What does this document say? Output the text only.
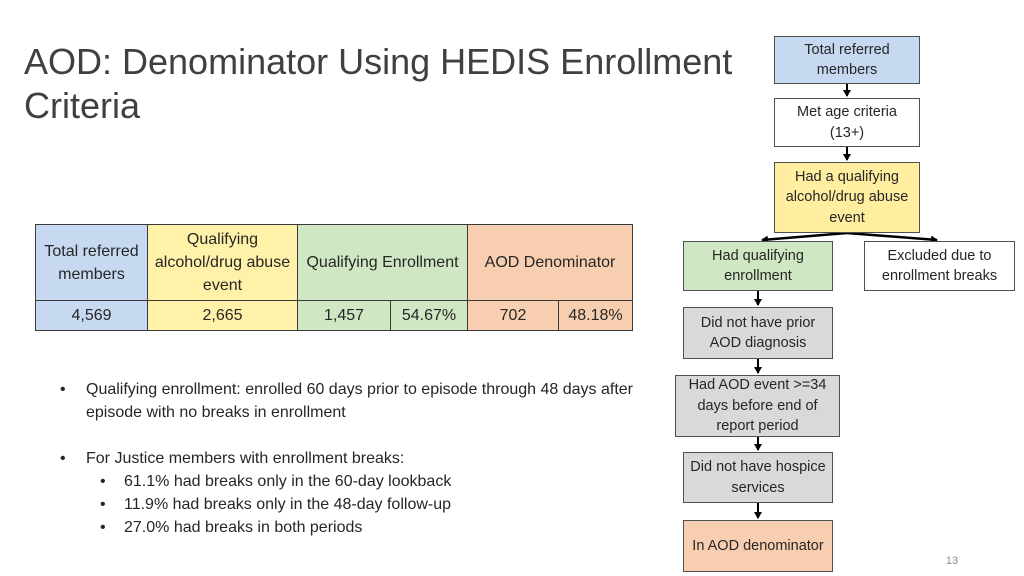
AOD: Denominator Using HEDIS Enrollment Criteria
Total referred members	Qualifying alcohol/drug abuse event	Qualifying Enrollment		AOD Denominator	
4,569	2,665	1,457	54.67%	702	48.18%
• Qualifying enrollment: enrolled 60 days prior to episode through 48 days after episode with no breaks in enrollment
• For Justice members with enrollment breaks:
• 61.1% had breaks only in the 60-day lookback
• 11.9% had breaks only in the 48-day follow-up
• 27.0% had breaks in both periods
Total referred members
Met age criteria (13+)
Had a qualifying alcohol/drug abuse event
Had qualifying enrollment
Excluded due to enrollment breaks
Did not have prior AOD diagnosis
Had AOD event >=34 days before end of report period
Did not have hospice services
In AOD denominator
13
